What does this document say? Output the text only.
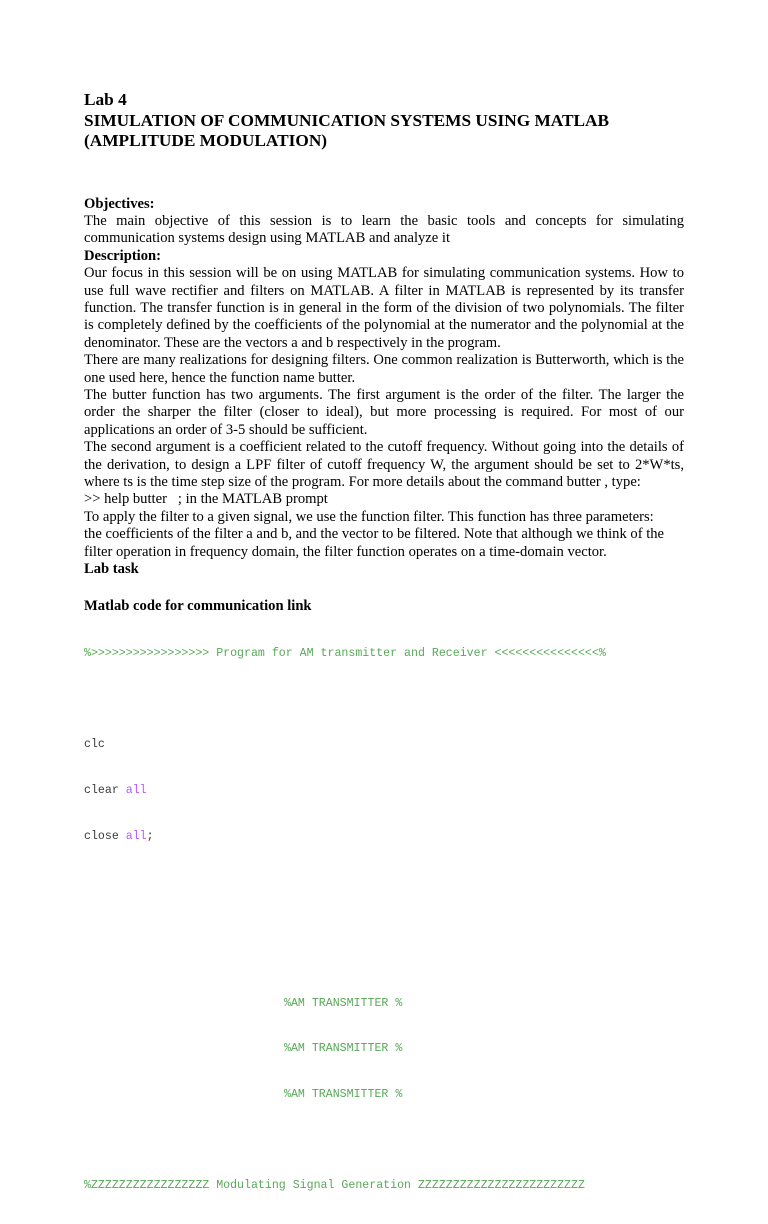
Lab 4
SIMULATION OF COMMUNICATION SYSTEMS USING MATLAB
(AMPLITUDE MODULATION)
Objectives:
The main objective of this session is to learn the basic tools and concepts for simulating communication systems design using MATLAB and analyze it
Description:
Our focus in this session will be on using MATLAB for simulating communication systems. How to use full wave rectifier and filters on MATLAB. A filter in MATLAB is represented by its transfer function. The transfer function is in general in the form of the division of two polynomials. The filter is completely defined by the coefficients of the polynomial at the numerator and the polynomial at the denominator. These are the vectors a and b respectively in the program.
There are many realizations for designing filters. One common realization is Butterworth, which is the one used here, hence the function name butter.
The butter function has two arguments. The first argument is the order of the filter. The larger the order the sharper the filter (closer to ideal), but more processing is required. For most of our applications an order of 3-5 should be sufficient.
The second argument is a coefficient related to the cutoff frequency. Without going into the details of the derivation, to design a LPF filter of cutoff frequency W, the argument should be set to 2*W*ts, where ts is the time step size of the program. For more details about the command butter , type:
>> help butter   ; in the MATLAB prompt
To apply the filter to a given signal, we use the function filter. This function has three parameters: the coefficients of the filter a and b, and the vector to be filtered. Note that although we think of the filter operation in frequency domain, the filter function operates on a time-domain vector.
Lab task
Matlab code for communication link

%>>>>>>>>>>>>>>>>> Program for AM transmitter and Receiver <<<<<<<<<<<<<<<%

clc

clear all

close all;

%AM TRANSMITTER %

%AM TRANSMITTER %

%AM TRANSMITTER %

%ZZZZZZZZZZZZZZZZZ Modulating Signal Generation ZZZZZZZZZZZZZZZZZZZZZZZZ
